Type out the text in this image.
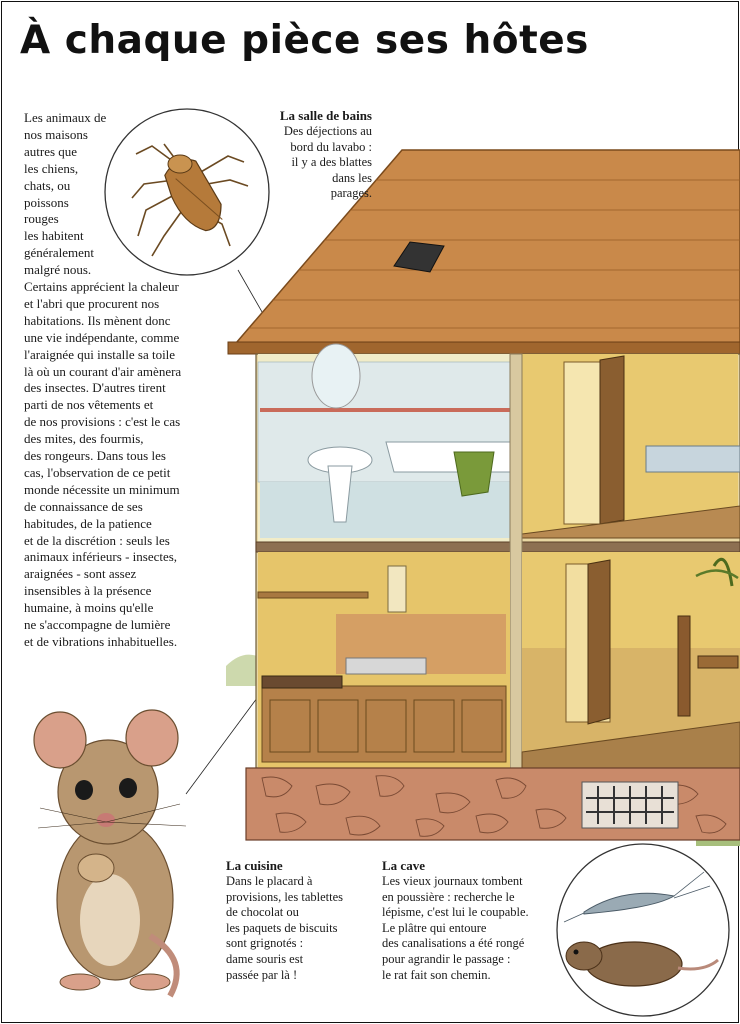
À chaque pièce ses hôtes
Les animaux de
nos maisons
autres que
les chiens,
chats, ou
poissons
rouges
les habitent
généralement
malgré nous.
Certains apprécient la chaleur
et l'abri que procurent nos
habitations. Ils mènent donc
une vie indépendante, comme
l'araignée qui installe sa toile
là où un courant d'air amènera
des insectes. D'autres tirent
parti de nos vêtements et
de nos provisions : c'est le cas
des mites, des fourmis,
des rongeurs. Dans tous les
cas, l'observation de ce petit
monde nécessite un minimum
de connaissance de ses
habitudes, de la patience
et de la discrétion : seuls les
animaux inférieurs - insectes,
araignées - sont assez
insensibles à la présence
humaine, à moins qu'elle
ne s'accompagne de lumière
et de vibrations inhabituelles.
La salle de bains
Des déjections au
bord du lavabo :
il y a des blattes
dans les
parages.
La cuisine
Dans le placard à
provisions, les tablettes
de chocolat ou
les paquets de biscuits
sont grignotés :
dame souris est
passée par là !
La cave
Les vieux journaux tombent
en poussière : recherche le
lépisme, c'est lui le coupable.
Le plâtre qui entoure
des canalisations a été rongé
pour agrandir le passage :
le rat fait son chemin.
